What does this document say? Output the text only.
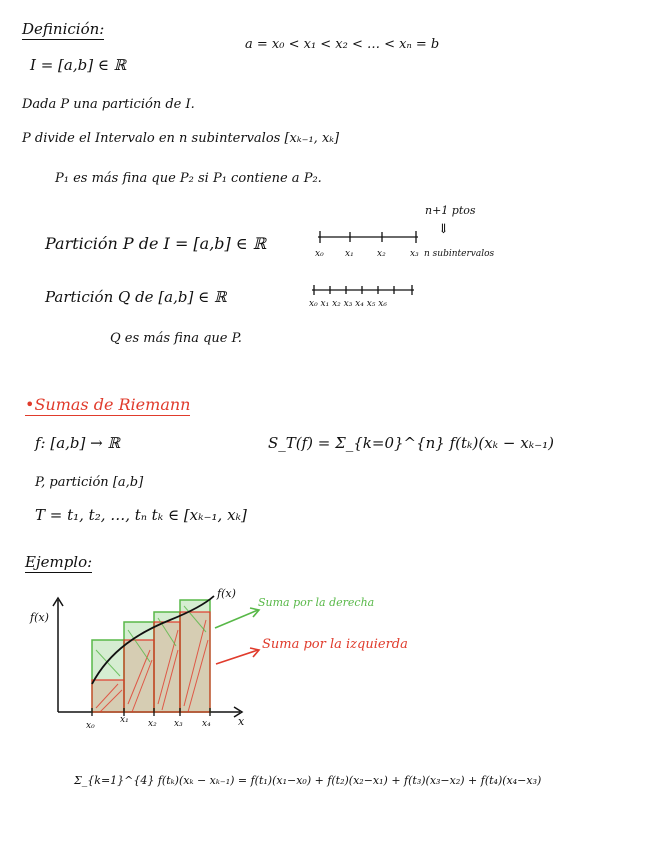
Definición:
a = x₀ < x₁ < x₂ < … < xₙ = b
I = [a,b] ∈ ℝ
Dada P una partición de I.
P divide el Intervalo en n subintervalos [xₖ₋₁, xₖ]
P₁ es más fina que P₂ si P₁ contiene a P₂.
n+1 ptos
⇓
n subintervalos
Partición P de I = [a,b] ∈ ℝ
x₀ x₁	x₂	x₃
Partición Q de [a,b] ∈ ℝ	x₀ x₁ x₂ x₃ x₄ x₅ x₆
Q es más fina que P.
•Sumas de Riemann
f: [a,b] → ℝ	S_T(f) = Σ_{k=0}^{n} f(tₖ)(xₖ − xₖ₋₁)
P, partición [a,b]
T = t₁, t₂, …, tₙ tₖ ∈ [xₖ₋₁, xₖ]
Ejemplo:
f(x)
f(x)
Suma por la derecha
Suma por la izquierda
x₀
x₁ x₂ x₃ x₄ x
Σ_{k=1}^{4} f(tₖ)(xₖ − xₖ₋₁) = f(t₁)(x₁−x₀) + f(t₂)(x₂−x₁) + f(t₃)(x₃−x₂) + f(t₄)(x₄−x₃)
